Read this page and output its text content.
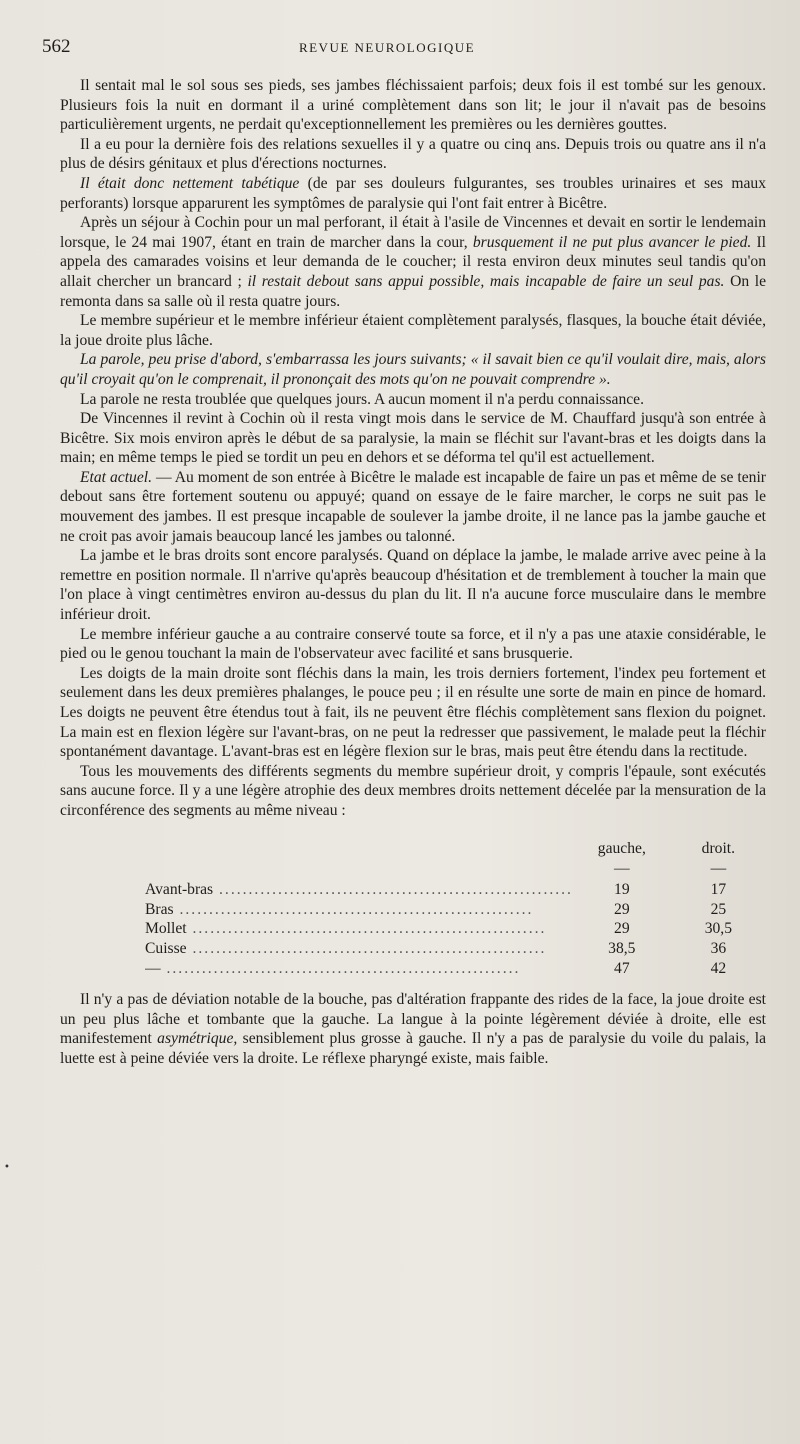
562	REVUE NEUROLOGIQUE

Il sentait mal le sol sous ses pieds, ses jambes fléchissaient parfois; deux fois il est tombé sur les genoux. Plusieurs fois la nuit en dormant il a uriné complètement dans son lit; le jour il n'avait pas de besoins particulièrement urgents, ne perdait qu'exceptionnellement les premières ou les dernières gouttes.

Il a eu pour la dernière fois des relations sexuelles il y a quatre ou cinq ans. Depuis trois ou quatre ans il n'a plus de désirs génitaux et plus d'érections nocturnes.

Il était donc nettement tabétique (de par ses douleurs fulgurantes, ses troubles urinaires et ses maux perforants) lorsque apparurent les symptômes de paralysie qui l'ont fait entrer à Bicêtre.

Après un séjour à Cochin pour un mal perforant, il était à l'asile de Vincennes et devait en sortir le lendemain lorsque, le 24 mai 1907, étant en train de marcher dans la cour, brusquement il ne put plus avancer le pied. Il appela des camarades voisins et leur demanda de le coucher; il resta environ deux minutes seul tandis qu'on allait chercher un brancard ; il restait debout sans appui possible, mais incapable de faire un seul pas. On le remonta dans sa salle où il resta quatre jours.

Le membre supérieur et le membre inférieur étaient complètement paralysés, flasques, la bouche était déviée, la joue droite plus lâche.

La parole, peu prise d'abord, s'embarrassa les jours suivants; « il savait bien ce qu'il voulait dire, mais, alors qu'il croyait qu'on le comprenait, il prononçait des mots qu'on ne pouvait comprendre ».

La parole ne resta troublée que quelques jours. A aucun moment il n'a perdu connaissance.

De Vincennes il revint à Cochin où il resta vingt mois dans le service de M. Chauffard jusqu'à son entrée à Bicêtre. Six mois environ après le début de sa paralysie, la main se fléchit sur l'avant-bras et les doigts dans la main; en même temps le pied se tordit un peu en dehors et se déforma tel qu'il est actuellement.

Etat actuel. — Au moment de son entrée à Bicêtre le malade est incapable de faire un pas et même de se tenir debout sans être fortement soutenu ou appuyé; quand on essaye de le faire marcher, le corps ne suit pas le mouvement des jambes. Il est presque incapable de soulever la jambe droite, il ne lance pas la jambe gauche et ne croit pas avoir jamais beaucoup lancé les jambes ou talonné.

La jambe et le bras droits sont encore paralysés. Quand on déplace la jambe, le malade arrive avec peine à la remettre en position normale. Il n'arrive qu'après beaucoup d'hésitation et de tremblement à toucher la main que l'on place à vingt centimètres environ au-dessus du plan du lit. Il n'a aucune force musculaire dans le membre inférieur droit.

Le membre inférieur gauche a au contraire conservé toute sa force, et il n'y a pas une ataxie considérable, le pied ou le genou touchant la main de l'observateur avec facilité et sans brusquerie.

Les doigts de la main droite sont fléchis dans la main, les trois derniers fortement, l'index peu fortement et seulement dans les deux premières phalanges, le pouce peu ; il en résulte une sorte de main en pince de homard. Les doigts ne peuvent être étendus tout à fait, ils ne peuvent être fléchis complètement sans flexion du poignet. La main est en flexion légère sur l'avant-bras, on ne peut la redresser que passivement, le malade peut la fléchir spontanément davantage. L'avant-bras est en légère flexion sur le bras, mais peut être étendu dans la rectitude.

Tous les mouvements des différents segments du membre supérieur droit, y compris l'épaule, sont exécutés sans aucune force. Il y a une légère atrophie des deux membres droits nettement décelée par la mensuration de la circonférence des segments au même niveau :

	gauche,	droit.
	—	—
Avant-bras ............................................................	19	17
Bras ............................................................	29	25
Mollet ............................................................	29	30,5
Cuisse ............................................................	38,5	36
— ............................................................	47	42

Il n'y a pas de déviation notable de la bouche, pas d'altération frappante des rides de la face, la joue droite est un peu plus lâche et tombante que la gauche. La langue à la pointe légèrement déviée à droite, elle est manifestement asymétrique, sensiblement plus grosse à gauche. Il n'y a pas de paralysie du voile du palais, la luette est à peine déviée vers la droite. Le réflexe pharyngé existe, mais faible.

•
